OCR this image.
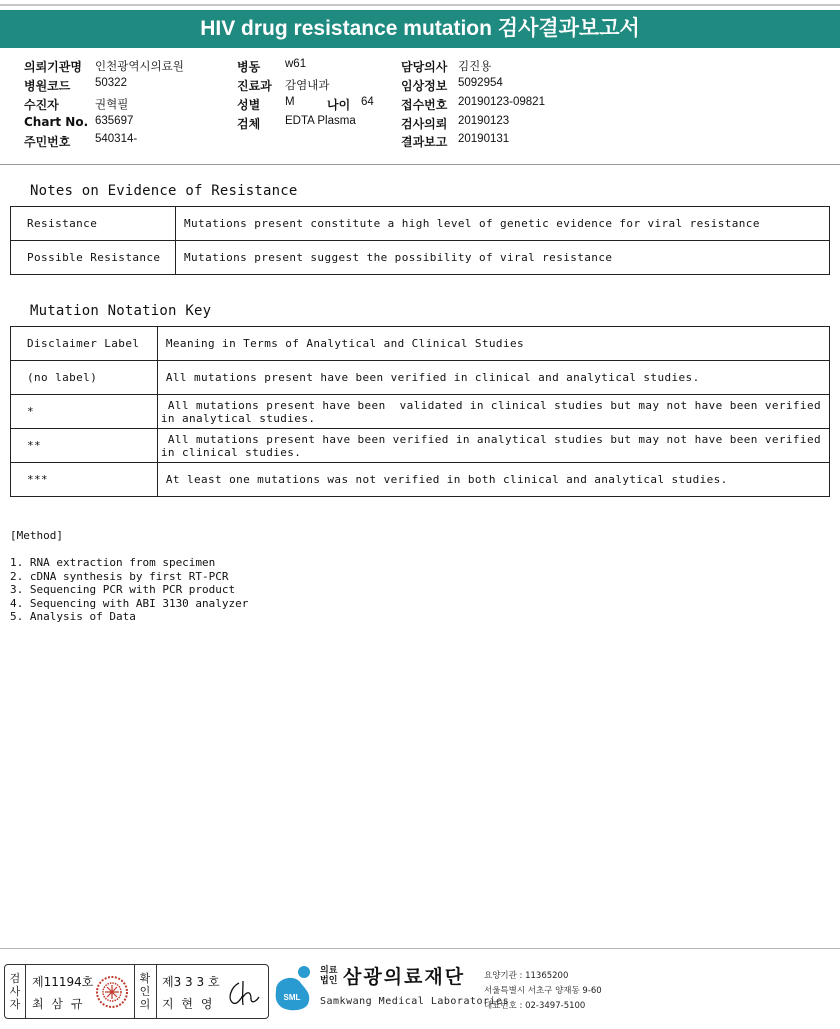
HIV drug resistance mutation 검사결과보고서
의뢰기관명 인천광역시의료원
병원코드 50322
수진자	권혁필
Chart No. 635697
주민번호 540314-
병동 w61
진료과 감염내과
성별 M	나이 64
검체 EDTA Plasma
담당의사 김진용
임상정보 5092954
접수번호 20190123-09821
검사의뢰 20190123
결과보고 20190131
Notes on Evidence of Resistance
Resistance	Mutations present constitute a high level of genetic evidence for viral resistance
Possible Resistance	Mutations present suggest the possibility of viral resistance
Mutation Notation Key
Disclaimer Label	Meaning in Terms of Analytical and Clinical Studies
(no label)	All mutations present have been verified in clinical and analytical studies.

*	All mutations present have been  validated in clinical studies but may not have been verified
in analytical studies.

**	All mutations present have been verified in analytical studies but may not have been verified
in clinical studies.

***	At least one mutations was not verified in both clinical and analytical studies.
[Method]
1. RNA extraction from specimen
2. cDNA synthesis by first RT-PCR
3. Sequencing PCR with PCR product
4. Sequencing with ABI 3130 analyzer
5. Analysis of Data
검사자
제11194호
최 삼 규
확인의
제3 3 3 호
지 현 영	SML
의료법인 삼광의료재단
Samkwang Medical Laboratories
요양기관 : 11365200
서울특별시 서초구 양재동 9-60
대표번호 : 02-3497-5100
